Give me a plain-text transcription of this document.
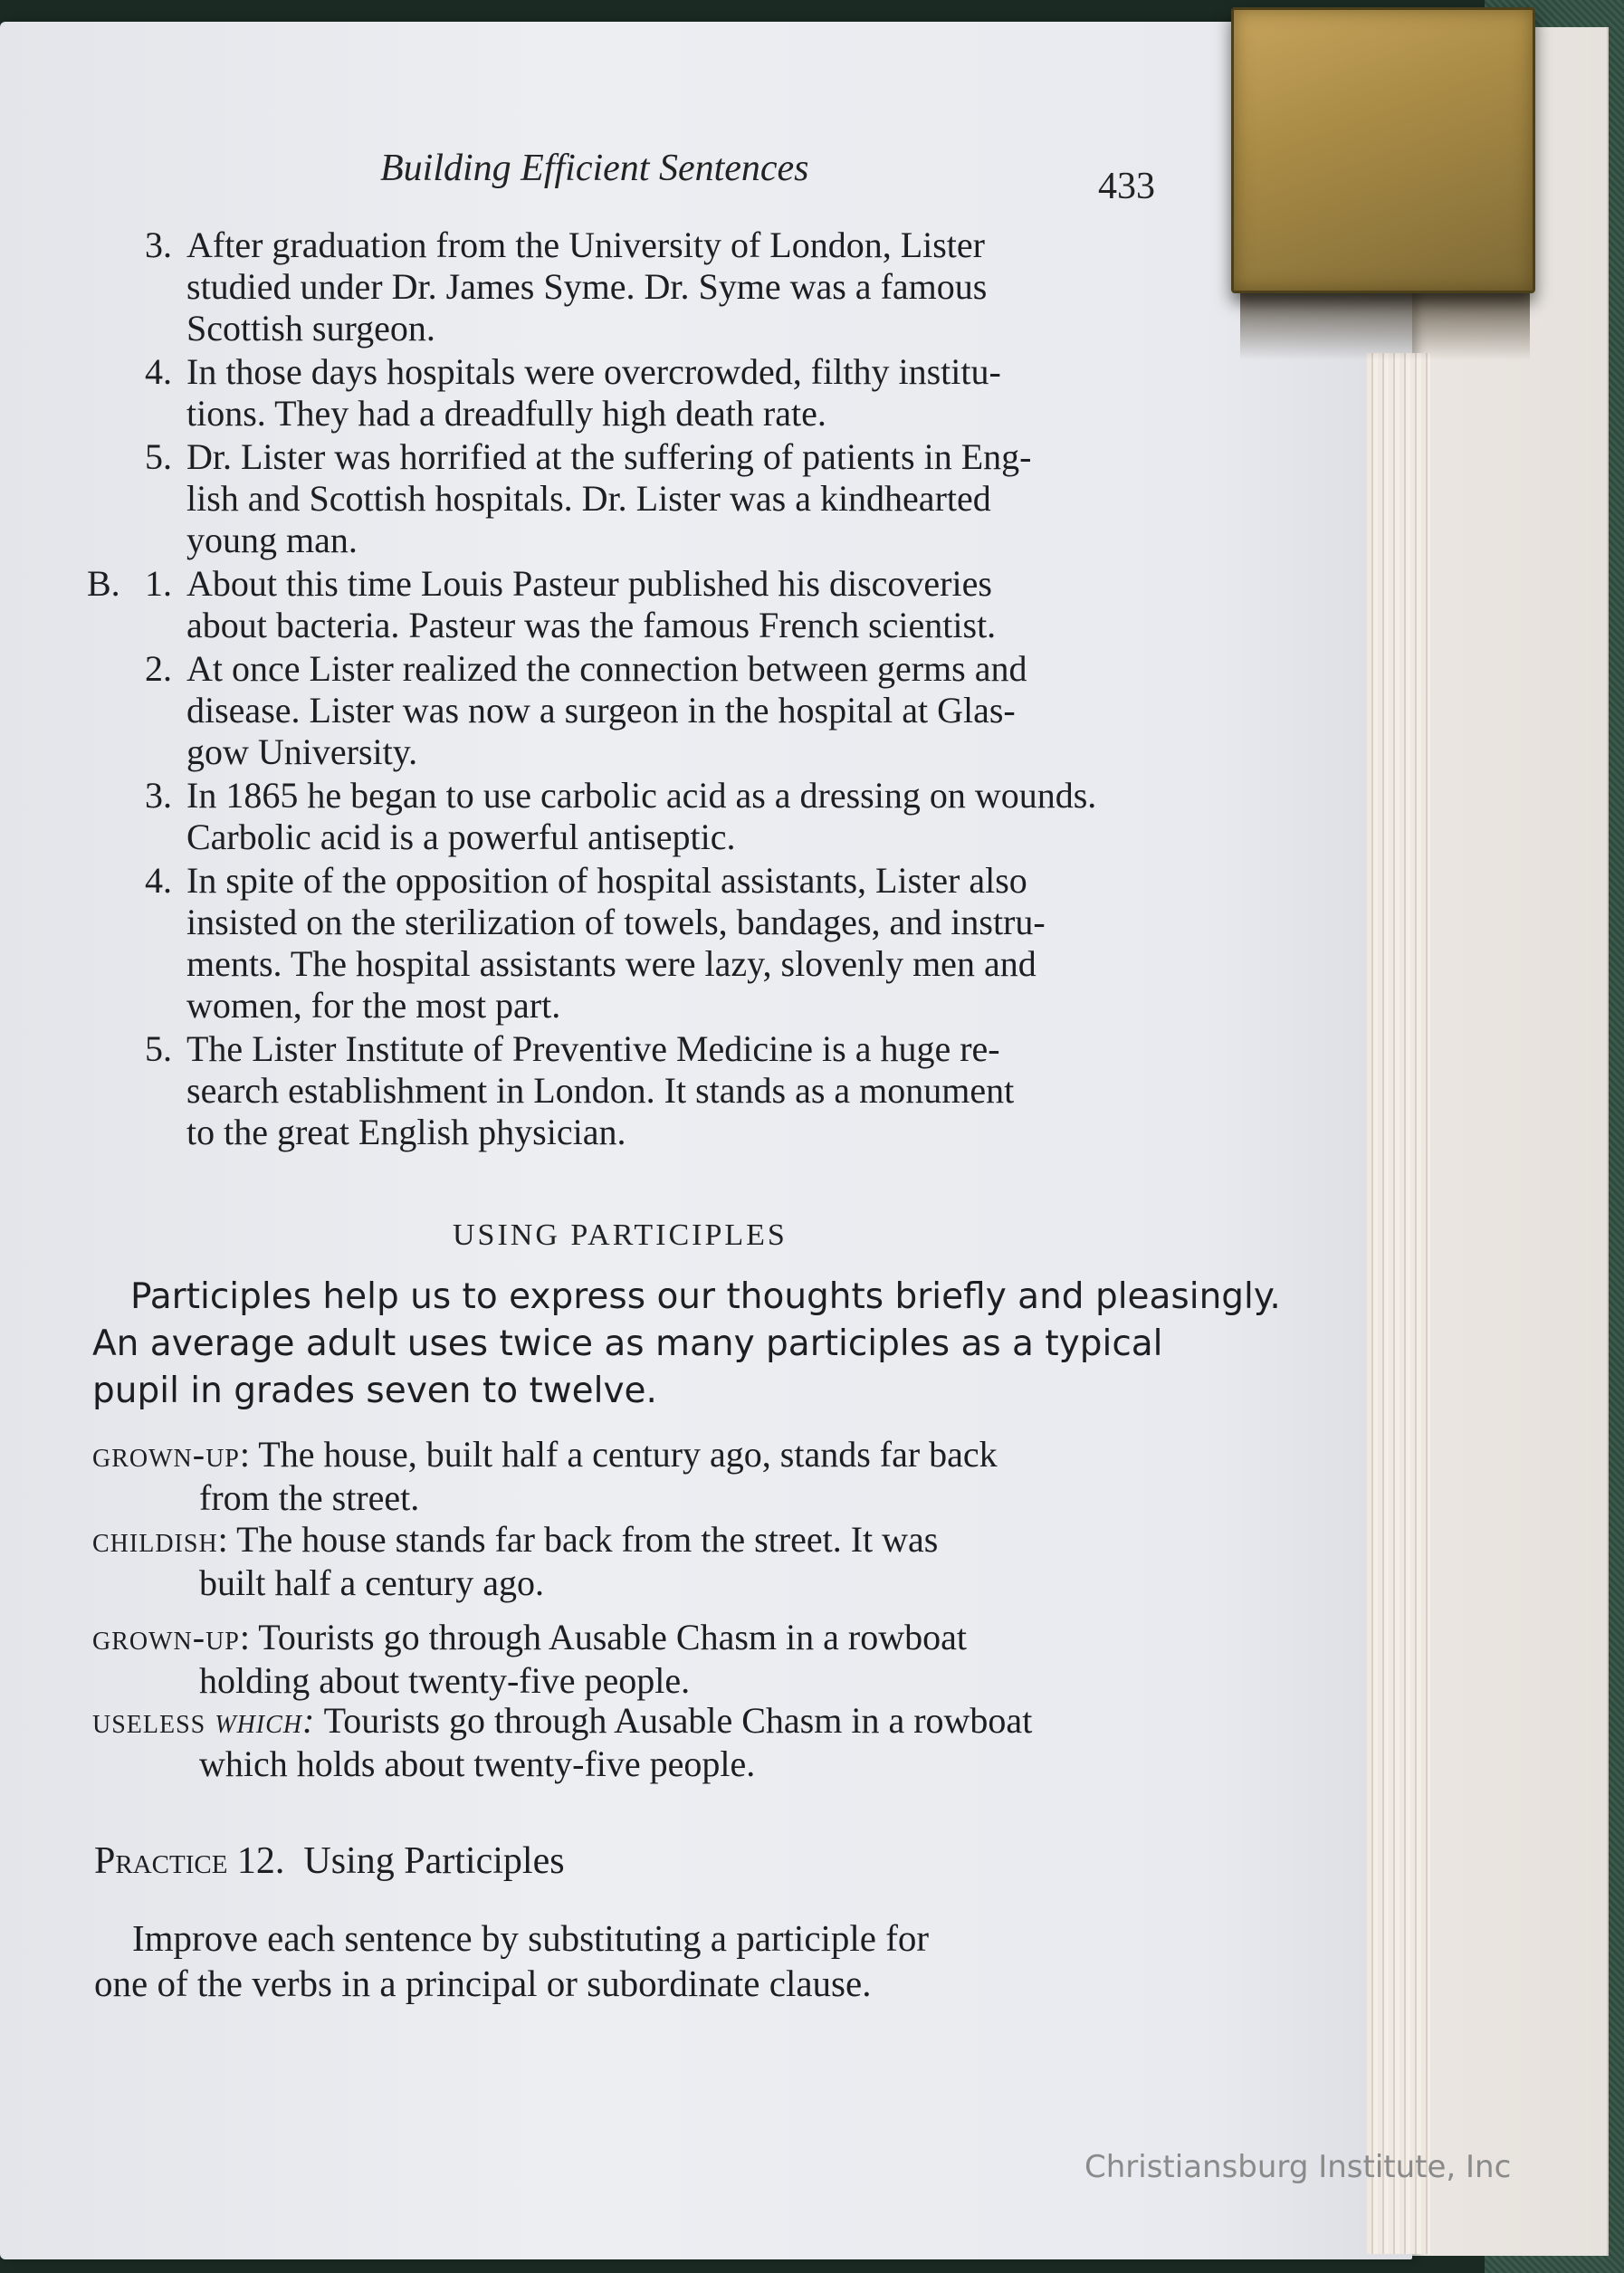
Building Efficient Sentences	433
3. After graduation from the University of London, Lister
studied under Dr. James Syme. Dr. Syme was a famous
Scottish surgeon.
4. In those days hospitals were overcrowded, filthy institu-
tions. They had a dreadfully high death rate.
5. Dr. Lister was horrified at the suffering of patients in Eng-
lish and Scottish hospitals. Dr. Lister was a kindhearted
young man.
B. 1. About this time Louis Pasteur published his discoveries
about bacteria. Pasteur was the famous French scientist.
2. At once Lister realized the connection between germs and
disease. Lister was now a surgeon in the hospital at Glas-
gow University.
3. In 1865 he began to use carbolic acid as a dressing on wounds.
Carbolic acid is a powerful antiseptic.
4. In spite of the opposition of hospital assistants, Lister also
insisted on the sterilization of towels, bandages, and instru-
ments. The hospital assistants were lazy, slovenly men and
women, for the most part.
5. The Lister Institute of Preventive Medicine is a huge re-
search establishment in London. It stands as a monument
to the great English physician.
USING PARTICIPLES
Participles help us to express our thoughts briefly and pleasingly.
An average adult uses twice as many participles as a typical
pupil in grades seven to twelve.
grown-up: The house, built half a century ago, stands far back
from the street.
childish: The house stands far back from the street. It was
built half a century ago.
grown-up: Tourists go through Ausable Chasm in a rowboat
holding about twenty-five people.
useless which: Tourists go through Ausable Chasm in a rowboat
which holds about twenty-five people.
Practice 12. Using Participles
Improve each sentence by substituting a participle for
one of the verbs in a principal or subordinate clause.
Christiansburg Institute, Inc
